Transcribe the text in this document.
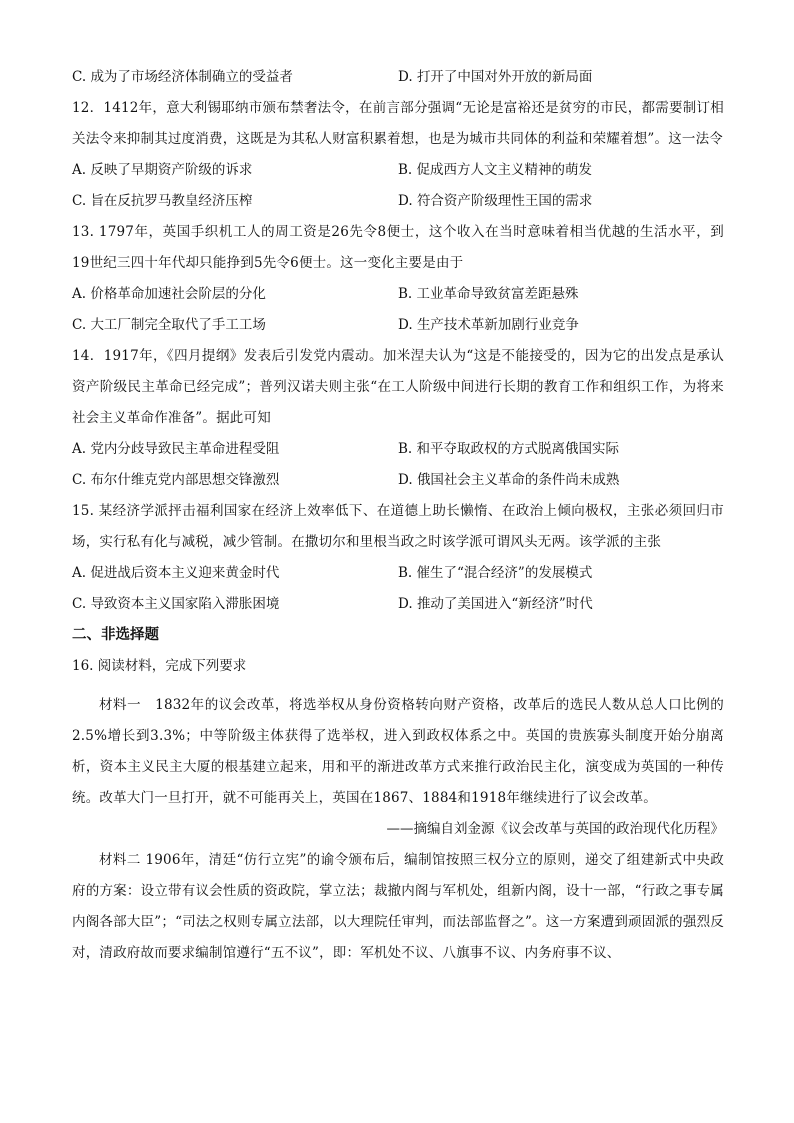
C. 成为了市场经济体制确立的受益者	D. 打开了中国对外开放的新局面
12．1412年，意大利锡耶纳市颁布禁奢法令，在前言部分强调“无论是富裕还是贫穷的市民，都需要制订相关法令来抑制其过度消费，这既是为其私人财富积累着想，也是为城市共同体的利益和荣耀着想”。这一法令
A. 反映了早期资产阶级的诉求	B. 促成西方人文主义精神的萌发
C. 旨在反抗罗马教皇经济压榨	D. 符合资产阶级理性王国的需求
13. 1797年，英国手织机工人的周工资是26先令8便士，这个收入在当时意味着相当优越的生活水平，到19世纪三四十年代却只能挣到5先令6便士。这一变化主要是由于
A. 价格革命加速社会阶层的分化	B. 工业革命导致贫富差距悬殊
C. 大工厂制完全取代了手工工场	D. 生产技术革新加剧行业竞争
14．1917年，《四月提纲》发表后引发党内震动。加米涅夫认为“这是不能接受的，因为它的出发点是承认资产阶级民主革命已经完成”；普列汉诺夫则主张“在工人阶级中间进行长期的教育工作和组织工作，为将来社会主义革命作准备”。据此可知
A. 党内分歧导致民主革命进程受阻	B. 和平夺取政权的方式脱离俄国实际
C. 布尔什维克党内部思想交锋激烈	D. 俄国社会主义革命的条件尚未成熟
15. 某经济学派抨击福利国家在经济上效率低下、在道德上助长懒惰、在政治上倾向极权，主张必须回归市场，实行私有化与减税，减少管制。在撒切尔和里根当政之时该学派可谓风头无两。该学派的主张
A. 促进战后资本主义迎来黄金时代	B. 催生了“混合经济”的发展模式
C. 导致资本主义国家陷入滞胀困境	D. 推动了美国进入“新经济”时代
二、非选择题
16. 阅读材料，完成下列要求
材料一　1832年的议会改革，将选举权从身份资格转向财产资格，改革后的选民人数从总人口比例的2.5%增长到3.3%；中等阶级主体获得了选举权，进入到政权体系之中。英国的贵族寡头制度开始分崩离析，资本主义民主大厦的根基建立起来，用和平的渐进改革方式来推行政治民主化，演变成为英国的一种传统。改革大门一旦打开，就不可能再关上，英国在1867、1884和1918年继续进行了议会改革。
——摘编自刘金源《议会改革与英国的政治现代化历程》
材料二 1906年，清廷“仿行立宪”的谕令颁布后，编制馆按照三权分立的原则，递交了组建新式中央政府的方案：设立带有议会性质的资政院，掌立法；裁撤内阁与军机处，组新内阁，设十一部，“行政之事专属内阁各部大臣”；“司法之权则专属立法部，以大理院任审判，而法部监督之”。这一方案遭到顽固派的强烈反对，清政府故而要求编制馆遵行“五不议”，即：军机处不议、八旗事不议、内务府事不议、
